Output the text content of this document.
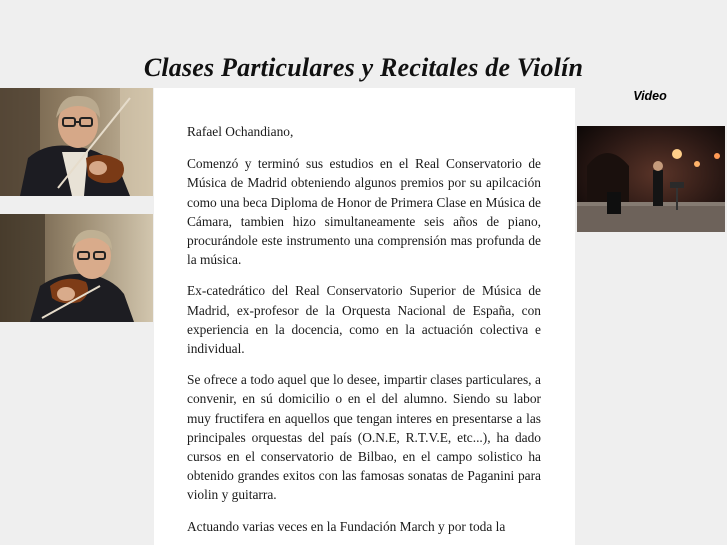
Clases Particulares y Recitales de Violín

Rafael Ochandiano,

Comenzó y terminó sus estudios en el Real Conservatorio de Música de Madrid obteniendo algunos premios por su apilcación como una beca Diploma de Honor de Primera Clase en Música de Cámara, tambien hizo simultaneamente seis años de piano, procurándole este instrumento una comprensión mas profunda de la música.

Ex-catedrático del Real Conservatorio Superior de Música de Madrid, ex-profesor de la Orquesta Nacional de España, con experiencia en la docencia, como en la actuación colectiva e individual.

Se ofrece a todo aquel que lo desee, impartir clases particulares, a convenir, en sú domicilio o en el del alumno. Siendo su labor muy fructifera en aquellos que tengan interes en presentarse a las principales orquestas del país (O.N.E, R.T.V.E, etc...), ha dado cursos en el conservatorio de Bilbao, en el campo solistico ha obtenido grandes exitos con las famosas sonatas de Paganini para violin y guitarra.

Actuando varias veces en la Fundación March y por toda la

Video
